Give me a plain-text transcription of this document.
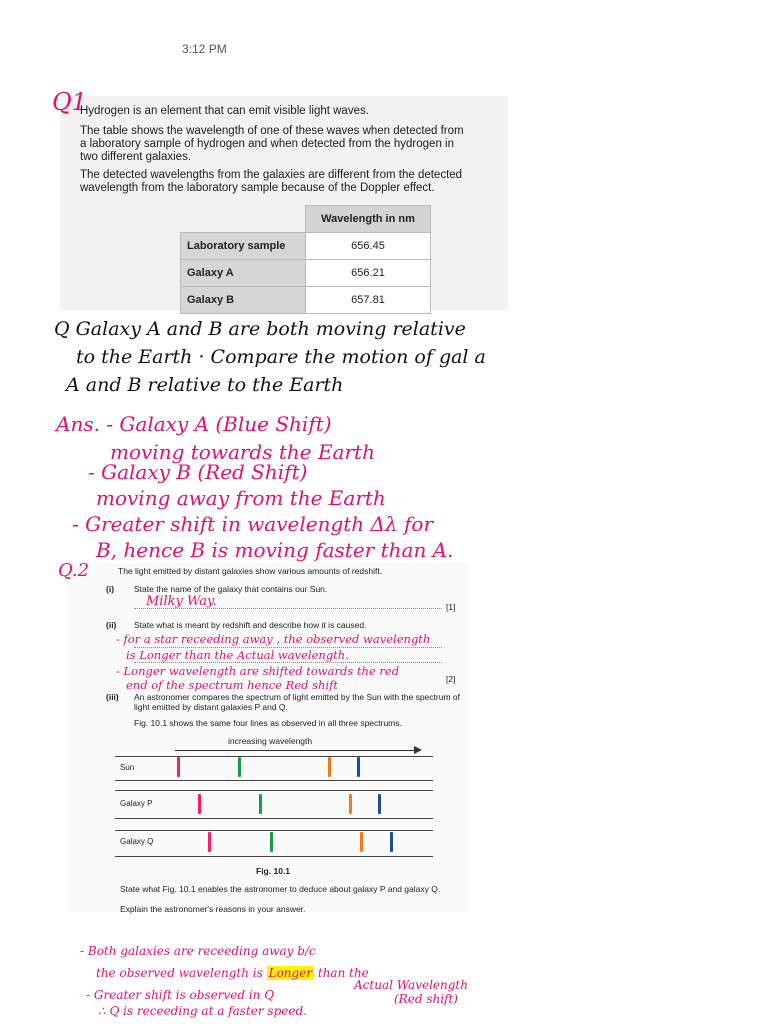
3:12 PM
Q1
Hydrogen is an element that can emit visible light waves.
The table shows the wavelength of one of these waves when detected from
a laboratory sample of hydrogen and when detected from the hydrogen in
two different galaxies.
The detected wavelengths from the galaxies are different from the detected
wavelength from the laboratory sample because of the Doppler effect.
	Wavelength in nm
Laboratory sample	656.45
Galaxy A	656.21
Galaxy B	657.81
Q Galaxy A and B are both moving relative
to the Earth · Compare the motion of gal a
A and B relative to the Earth
Ans. - Galaxy A (Blue Shift)
moving towards the Earth
- Galaxy B (Red Shift)
moving away from the Earth
- Greater shift in wavelength Δλ for
B, hence B is moving faster than A.
Q.2	The light emitted by distant galaxies show various amounts of redshift.
(i) State the name of the galaxy that contains our Sun.
Milky Way.	[1]
(ii) State what is meant by redshift and describe how it is caused.
- for a star receeding away , the observed wavelength
is Longer than the Actual wavelength.
- Longer wavelength are shifted towards the red
end of the spectrum hence Red shift	[2]
(iii) An astronomer compares the spectrum of light emitted by the Sun with the spectrum of
light emitted by distant galaxies P and Q.
Fig. 10.1 shows the same four lines as observed in all three spectrums.
increasing wavelength
Sun
Galaxy P
Galaxy Q
Fig. 10.1
State what Fig. 10.1 enables the astronomer to deduce about galaxy P and galaxy Q.
Explain the astronomer's reasons in your answer.
- Both galaxies are receeding away b/c
the observed wavelength is Longer than the
Actual Wavelength
- Greater shift is observed in Q	(Red shift)
∴ Q is receeding at a faster speed.
